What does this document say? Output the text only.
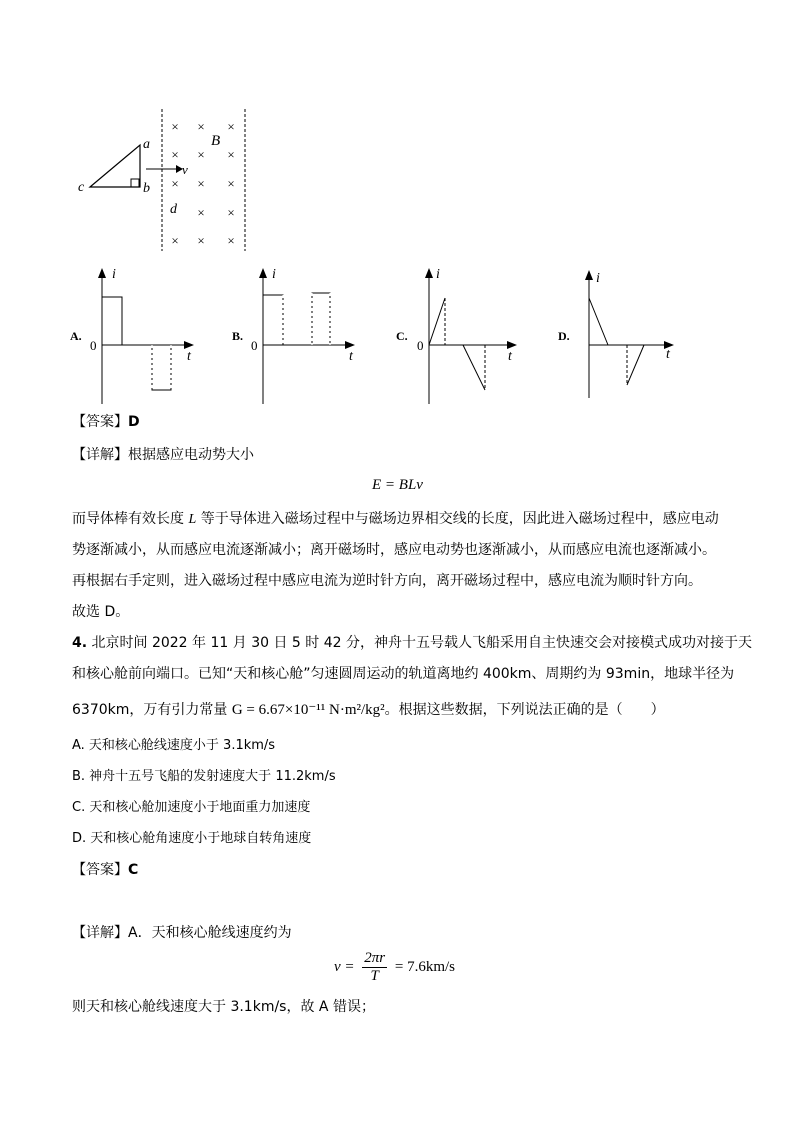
a
b
c
v
B
d
× × ×
× × ×
× × ×
× ×
× × ×
A.
i
t
0
B.
i
t
0
C.
i
t
0
D.
i
t
【答案】D
【详解】根据感应电动势大小
E = BLv
而导体棒有效长度 L 等于导体进入磁场过程中与磁场边界相交线的长度，因此进入磁场过程中，感应电动
势逐渐减小，从而感应电流逐渐减小；离开磁场时，感应电动势也逐渐减小，从而感应电流也逐渐减小。
再根据右手定则，进入磁场过程中感应电流为逆时针方向，离开磁场过程中，感应电流为顺时针方向。
故选 D。
4. 北京时间 2022 年 11 月 30 日 5 时 42 分，神舟十五号载人飞船采用自主快速交会对接模式成功对接于天
和核心舱前向端口。已知“天和核心舱”匀速圆周运动的轨道离地约 400km、周期约为 93min，地球半径为
6370km，万有引力常量 G = 6.67×10⁻¹¹ N·m²/kg²。根据这些数据，下列说法正确的是（　　）
A. 天和核心舱线速度小于 3.1km/s
B. 神舟十五号飞船的发射速度大于 11.2km/s
C. 天和核心舱加速度小于地面重力加速度
D. 天和核心舱角速度小于地球自转角速度
【答案】C
【详解】A．天和核心舱线速度约为
$v = \frac{2\pi r}{T} = 7.6km/s$
则天和核心舱线速度大于 3.1km/s，故 A 错误；
